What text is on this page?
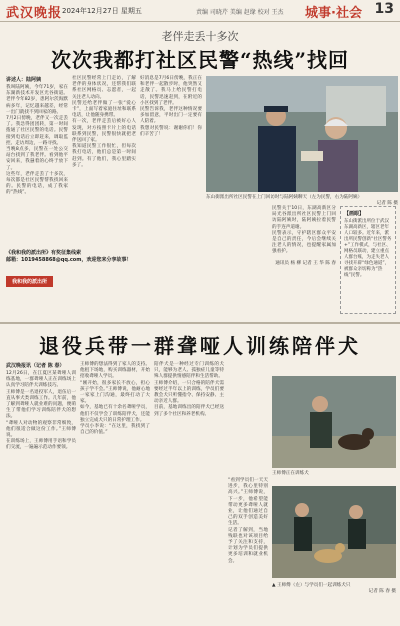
武汉晚报 2024年12月27日 星期五	责编 司晓芹 美编 赵缘 校对 王杰 城事·社会 13
老伴走丢十多次
次次我都打社区民警“热线”找回
讲述人：陆阿姨
我叫陆阿姨，今年71岁，家在东湖新技术开发区光谷街道。老伴今年82岁，患阿尔茨海默病多年，记忆越来越差，经常一出门就找不到回家的路。
7月2日傍晚，老伴又一次走丢了。我急得团团转，第一时间拨通了社区民警的电话。民警接到电话后立即赶来，调取监控、走访周边，一路寻找。
当晚8点多，民警在一处公交站台找到了我老伴。看到他平安回来，我悬着的心终于放下了。
这些年，老伴走丢了十多次，每次都是社区民警帮我找回来的。民警的电话，成了我家的“热线”。
社区民警经常上门走访，了解老伴的身体状况，还帮我们联系社区网格员、志愿者，一起关注老人动向。
民警还给老伴做了一张“爱心卡”，上面写着家庭住址和联系电话，让他随身携带。
有一次，老伴走丢后被好心人发现，对方按照卡片上的电话联系到民警，民警很快就把老伴送回了家。
我知道民警工作很忙，但每次我打电话，他们总是第一时间赶到。有了他们，我心里踏实多了。
好消息是7月6日傍晚，我正在和老伴一起散步时，他突然又走散了。我马上给民警打电话，民警迅速赶到，在附近的小区找到了老伴。
民警告诉我，老伴这种情况要多加留意，平时出门一定要有人陪着。
我想对民警说：谢谢你们！你们辛苦了！
《我和我的派出所》有奖征集线索
邮箱：1019458868@qq.com，欢迎您来分享故事！
我和我的派出所
东山街派出所社区民警在上门回访时与陆阿姨聊天（左为民警，右为陆阿姨）
记者 陈 摄
民警关于10日，东湖高新区分局光谷派出所社区民警上门回访陆阿姨时，陆阿姨拉着民警的手连声道谢。
民警表示，守护辖区群众平安是自己的责任，今后会继续关注老人的情况，也提醒家属加强看护。
通讯员 杨 柳 记者 王 华 陈 春
【画眼】
东山街派出所位于武汉东湖高新区，辖区老年人口较多。近年来，派出所民警创新“社区警务+”工作模式，与社区、网格员联动，建立重点人群台账，为走失老人寻找开辟“绿色通道”，被群众亲切称为“热线”民警。
退役兵带一群聋哑人训练陪伴犬
武汉晚报讯（记者 陈 春）
12月26日，在江夏区某聋哑人训练基地，一群聋哑人正在训练场上认真学习陪伴犬训练技巧。
王师傅是一名退役军人，退伍后一直从事犬类训练工作。几年前，他了解到聋哑人就业难的问题，便萌生了带他们学习训练陪伴犬的想法。
“聋哑人对动物的观察非常细致，他们很适合做这份工作。”王师傅说。
在训练场上，王师傅用手语和学员们交流，一遍遍示范动作要领。
王师傅的想法得到了家人的支持。他租下场地，购买训练器材，开始招收聋哑人学员。
“刚开始，很多家长不放心，担心孩子学不会。”王师傅说，他耐心地一家家上门沟通，最终打动了大家。
如今，基地已有十余名聋哑学员，他们不仅学会了训练陪伴犬，还能独立完成犬只的日常护理工作。
学员小李说：“在这里，我找到了自己的价值。”
陪伴犬是一种经过专门训练的犬只，能够为老人、孤独症儿童等特殊人群提供情感陪伴和生活帮助。
王师傅介绍，一只合格的陪伴犬需要经过半年以上的训练，学员们要教会犬只听懂指令、保持安静、主动亲近人群。
目前，基地训练出的陪伴犬已经送到了多个社区和养老机构。
王师傅正在训练犬
“看到学员们一天天进步，我心里特别高兴。”王师傅说，下一步，他希望能带动更多聋哑人就业，让他们通过自己的双手创造美好生活。
记者了解到，当地残联也对该项目给予了关注和支持，计划为学员们提供更多培训和就业机会。
▲ 王师傅（左）与学员们一起训练犬只
记者 陈 春 摄
